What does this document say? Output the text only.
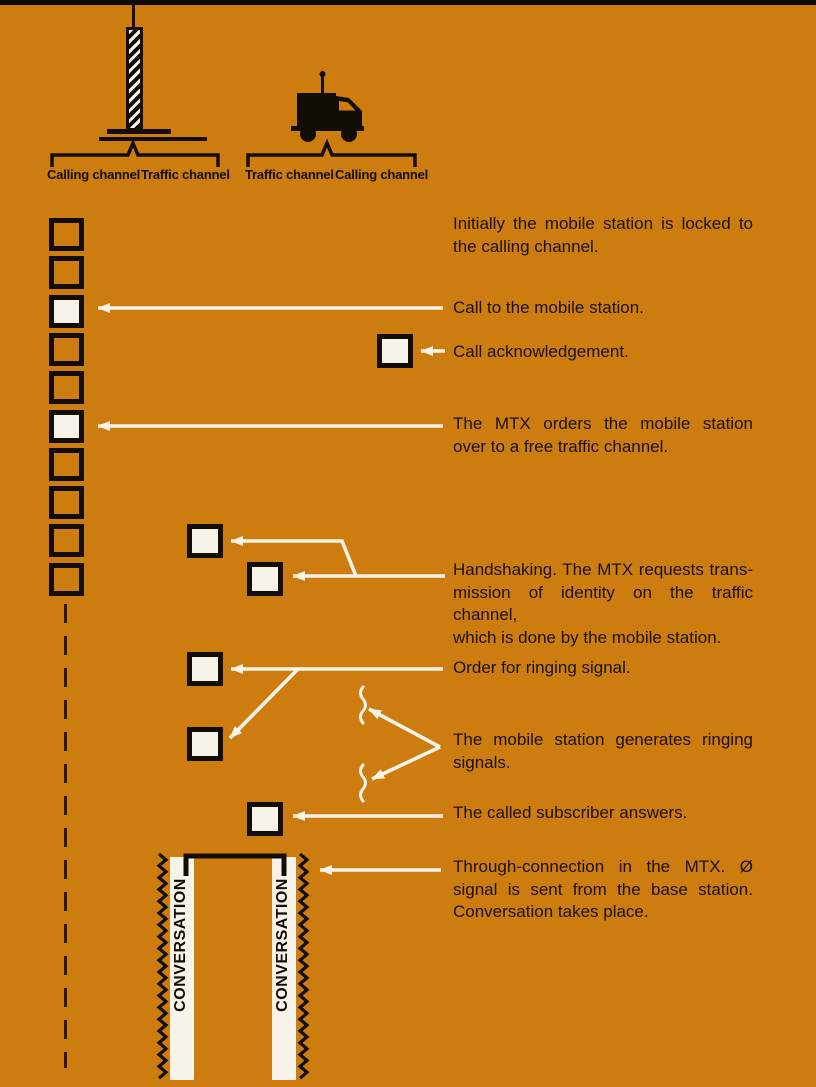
Calling channel Traffic channel Traffic channel Calling channel
CONVERSATION	CONVERSATION
Initially the mobile station is locked to
the calling channel.
Call to the mobile station.
Call acknowledgement.
The MTX orders the mobile station
over to a free traffic channel.
Handshaking. The MTX requests trans-
mission of identity on the traffic channel,
which is done by the mobile station.
Order for ringing signal.
The mobile station generates ringing
signals.
The called subscriber answers.
Through-connection in the MTX. Ø
signal is sent from the base station.
Conversation takes place.
